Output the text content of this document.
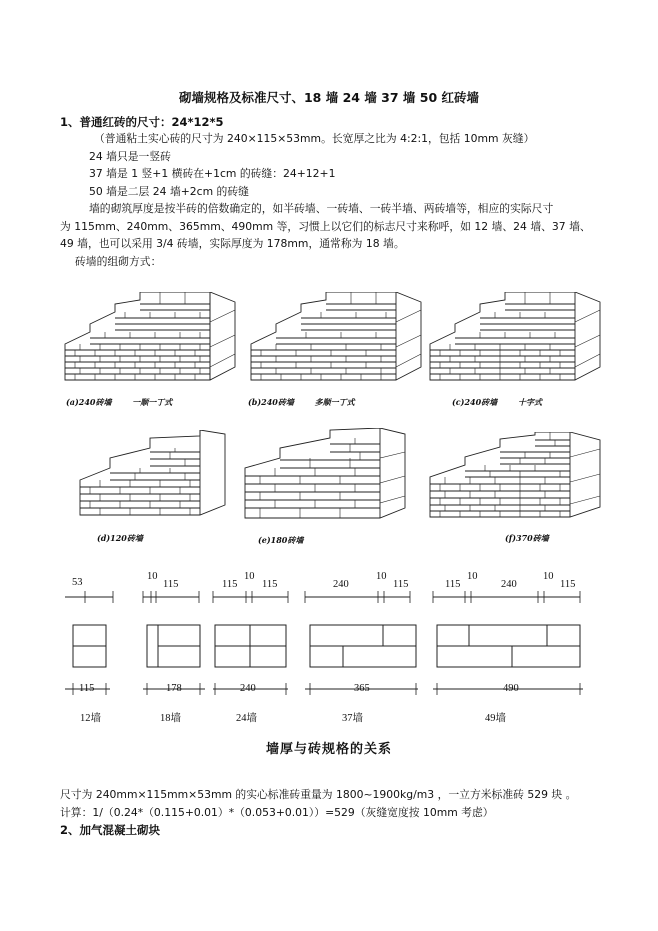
砌墙规格及标准尺寸、18 墙 24 墙 37 墙 50 红砖墙
1、普通红砖的尺寸：24*12*5
（普通粘土实心砖的尺寸为 240×115×53mm。长宽厚之比为 4:2:1，包括 10mm 灰缝）
24 墙只是一竖砖
37 墙是 1 竖+1 横砖在+1cm 的砖缝：24+12+1
50 墙是二层 24 墙+2cm 的砖缝
墙的砌筑厚度是按半砖的倍数确定的，如半砖墙、一砖墙、一砖半墙、两砖墙等，相应的实际尺寸
为 115mm、240mm、365mm、490mm 等，习惯上以它们的标志尺寸来称呼，如 12 墙、24 墙、37 墙、
49 墙，也可以采用 3/4 砖墙，实际厚度为 178mm，通常称为 18 墙。
砖墙的组砌方式：
(a)240砖墙	一顺一丁式	(b)240砖墙	多顺一丁式	(c)240砖墙	十字式
(d)120砖墙	(e)180砖墙	(f)370砖墙
53
10
115	115
10
115	240
10
115	115
10
240
10
115
115	178	240	365	490
12墙	18墙	24墙	37墙	49墙
墙厚与砖规格的关系
尺寸为 240mm×115mm×53mm 的实心标准砖重量为 1800~1900kg/m3 ，一立方米标准砖 529 块 。
计算：1/（0.24*（0.115+0.01）*（0.053+0.01））=529（灰缝宽度按 10mm 考虑）
2、加气混凝土砌块
